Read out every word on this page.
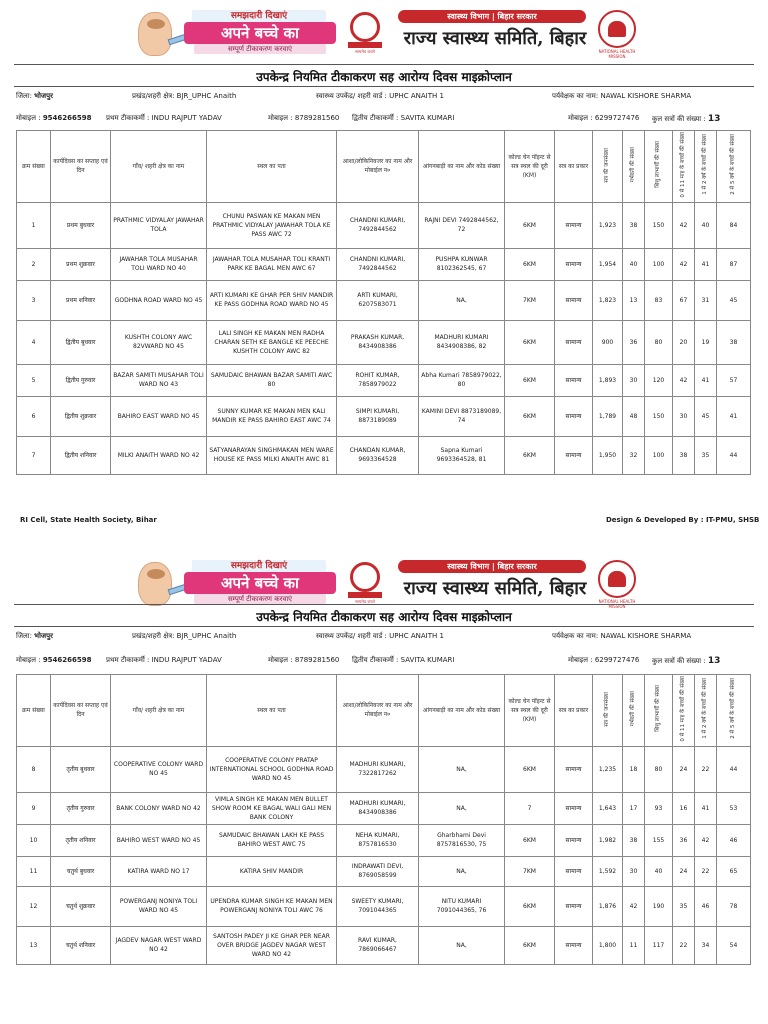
समझदारी दिखाएं
अपने बच्चे का
सम्पूर्ण टीकाकरण करवाएं	सत्यमेव जयते
स्वास्थ्य विभाग | बिहार सरकार
राज्य स्वास्थ्य समिति, बिहार
NATIONAL HEALTH MISSION
उपकेन्द्र नियमित टीकाकरण सह आरोग्य दिवस माइक्रोप्लान
जिला: भोजपुर	प्रखंड/शहरी क्षेत्र: BJR_UPHC Anaith	स्वास्थ्य उपकेंद्र/ शहरी वार्ड : UPHC ANAITH 1	पर्यवेक्षक का नाम: NAWAL KISHORE SHARMA
मोबाइल : 9546266598 प्रथम टीकाकर्मी : INDU RAJPUT YADAV	मोबाइल : 8789281560 द्वितीय टीकाकर्मी : SAVITA KUMARI	मोबाइल : 6299727476 कुल सत्रों की संख्या : 13
क्रम संख्या	कार्यदिवस का सप्ताह एवं दिन	गाँव/ शहरी क्षेत्र का नाम	स्थल का पता	आशा/लोकिनिवजर का नाम और मोबाईल न०	आंगनबाड़ी का नाम और कोड संख्या	कोल्ड चेन पॉइन्ट से सत्र स्थल की दूरी (KM)	सत्र का प्रकार	सत्र की जनसंख्या	गर्भवती की संख्या	शिशु लाभार्थी की संख्या	0 से 11 माह के बच्चों की संख्या	1 से 2 वर्ष के बच्चों की संख्या	2 से 5 वर्ष के बच्चों की संख्या
1	प्रथम बुधवार	PRATHMIC VIDYALAY JAWAHAR TOLA	CHUNU PASWAN KE MAKAN MEN PRATHMIC VIDYALAY JAWAHAR TOLA KE PASS AWC 72	CHANDNI KUMARI, 7492844562	RAJNI DEVI 7492844562, 72	6KM	सामान्य	1,923	38	150	42	40	84
2	प्रथम शुक्रवार	JAWAHAR TOLA MUSAHAR TOLI WARD NO 40	JAWAHAR TOLA MUSAHAR TOLI KRANTI PARK KE BAGAL MEN AWC 67	CHANDNI KUMARI, 7492844562	PUSHPA KUNWAR 8102362545, 67	6KM	सामान्य	1,954	40	100	42	41	87
3	प्रथम शनिवार	GODHNA ROAD WARD NO 45	ARTI KUMARI KE GHAR PER SHIV MANDIR KE PASS GODHNA ROAD WARD NO 45	ARTI KUMARI, 6207583071	NA,	7KM	सामान्य	1,823	13	83	67	31	45
4	द्वितीय बुधवार	KUSHTH COLONY AWC 82VWARD NO 45	LALI SINGH KE MAKAN MEN RADHA CHARAN SETH KE BANGLE KE PEECHE KUSHTH COLONY AWC 82	PRAKASH KUMAR, 8434908386	MADHURI KUMARI 8434908386, 82	6KM	सामान्य	900	36	80	20	19	38
5	द्वितीय गुरुवार	BAZAR SAMITI MUSAHAR TOLI WARD NO 43	SAMUDAIC BHAWAN BAZAR SAMITI AWC 80	ROHIT KUMAR, 7858979022	Abha Kumari 7858979022, 80	6KM	सामान्य	1,893	30	120	42	41	57
6	द्वितीय शुक्रवार	BAHIRO EAST WARD NO 45	SUNNY KUMAR KE MAKAN MEN KALI MANDIR KE PASS BAHIRO EAST AWC 74	SIMPI KUMARI, 8873189089	KAMINI DEVI 8873189089, 74	6KM	सामान्य	1,789	48	150	30	45	41
7	द्वितीय शनिवार	MILKI ANAITH WARD NO 42	SATYANARAYAN SINGHMAKAN MEN WARE HOUSE KE PASS MILKI ANAITH AWC 81	CHANDAN KUMAR, 9693364528	Sapna Kumari 9693364528, 81	6KM	सामान्य	1,950	32	100	38	35	44
RI Cell, State Health Society, Bihar	Design & Developed By : IT-PMU, SHSB
समझदारी दिखाएं
अपने बच्चे का
सम्पूर्ण टीकाकरण करवाएं	सत्यमेव जयते
स्वास्थ्य विभाग | बिहार सरकार
राज्य स्वास्थ्य समिति, बिहार
NATIONAL HEALTH MISSION
उपकेन्द्र नियमित टीकाकरण सह आरोग्य दिवस माइक्रोप्लान
जिला: भोजपुर	प्रखंड/शहरी क्षेत्र: BJR_UPHC Anaith	स्वास्थ्य उपकेंद्र/ शहरी वार्ड : UPHC ANAITH 1	पर्यवेक्षक का नाम: NAWAL KISHORE SHARMA
मोबाइल : 9546266598 प्रथम टीकाकर्मी : INDU RAJPUT YADAV	मोबाइल : 8789281560 द्वितीय टीकाकर्मी : SAVITA KUMARI	मोबाइल : 6299727476 कुल सत्रों की संख्या : 13
क्रम संख्या	कार्यदिवस का सप्ताह एवं दिन	गाँव/ शहरी क्षेत्र का नाम	स्थल का पता	आशा/लोकिनिवजर का नाम और मोबाईल न०	आंगनबाड़ी का नाम और कोड संख्या	कोल्ड चेन पॉइन्ट से सत्र स्थल की दूरी (KM)	सत्र का प्रकार	सत्र की जनसंख्या	गर्भवती की संख्या	शिशु लाभार्थी की संख्या	0 से 11 माह के बच्चों की संख्या	1 से 2 वर्ष के बच्चों की संख्या	2 से 5 वर्ष के बच्चों की संख्या
8	तृतीय बुधवार	COOPERATIVE COLONY WARD NO 45	COOPERATIVE COLONY PRATAP INTERNATIONAL SCHOOL GODHNA ROAD WARD NO 45	MADHURI KUMARI, 7322817262	NA,	6KM	सामान्य	1,235	18	80	24	22	44
9	तृतीय गुरुवार	BANK COLONY WARD NO 42	VIMLA SINGH KE MAKAN MEN BULLET SHOW ROOM KE BAGAL WALI GALI MEN BANK COLONY	MADHURI KUMARI, 8434908386	NA,	7	सामान्य	1,643	17	93	16	41	53
10	तृतीय शनिवार	BAHIRO WEST WARD NO 45	SAMUDAIC BHAWAN LAKH KE PASS BAHIRO WEST AWC 75	NEHA KUMARI, 8757816530	Gharbhami Devi 8757816530, 75	6KM	सामान्य	1,982	38	155	36	42	46
11	चतुर्थ बुधवार	KATIRA WARD NO 17	KATIRA SHIV MANDIR	INDRAWATI DEVI, 8769058599	NA,	7KM	सामान्य	1,592	30	40	24	22	65
12	चतुर्थ शुक्रवार	POWERGANJ NONIYA TOLI WARD NO 45	UPENDRA KUMAR SINGH KE MAKAN MEN POWERGANJ NONIYA TOLI AWC 76	SWEETY KUMARI, 7091044365	NITU KUMARI 7091044365, 76	6KM	सामान्य	1,876	42	190	35	46	78
13	चतुर्थ शनिवार	JAGDEV NAGAR WEST WARD NO 42	SANTOSH PADEY JI KE GHAR PER NEAR OVER BRIDGE JAGDEV NAGAR WEST WARD NO 42	RAVI KUMAR, 7869066467	NA,	6KM	सामान्य	1,800	11	117	22	34	54
